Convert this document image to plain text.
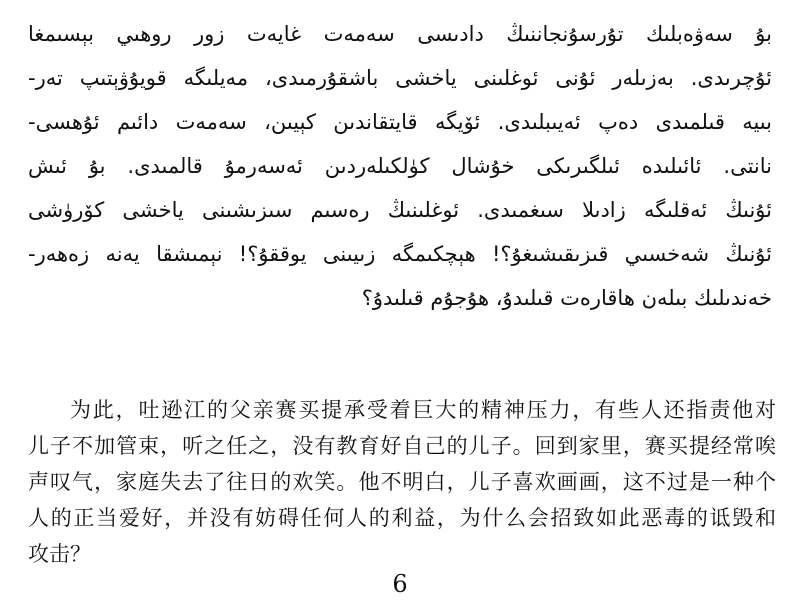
بۇ سەۋەبلىك تۇرسۇنجاننىڭ دادىسى سەمەت غايەت زور روھىي بېسىمغا
ئۇچرىدى. بەزىلەر ئۇنى ئوغلىنى ياخشى باشقۇرمىدى، مەيلىگە قويۇۋېتىپ تەر-
بىيە قىلمىدى دەپ ئەيىبلىدى. ئۆيگە قايتقاندىن كېيىن، سەمەت دائىم ئۇھسى-
نانتى. ئائىلىدە ئىلگىرىكى خۇشال كۈلكىلەردىن ئەسەرمۇ قالمىدى. بۇ ئىش
ئۇنىڭ ئەقلىگە زادىلا سىغمىدى. ئوغلىنىڭ رەسىم سىزىشىنى ياخشى كۆرۈشى
ئۇنىڭ شەخسىي قىزىقىشىغۇ؟! ھېچكىمگە زىيىنى يوققۇ؟! نېمىشقا يەنە زەھەر-
خەندىلىك بىلەن ھاقارەت قىلىدۇ، ھۇجۇم قىلىدۇ؟
为此，吐逊江的父亲赛买提承受着巨大的精神压力，有些人还指责他对
儿子不加管束，听之任之，没有教育好自己的儿子。回到家里，赛买提经常唉
声叹气，家庭失去了往日的欢笑。他不明白，儿子喜欢画画，这不过是一种个
人的正当爱好，并没有妨碍任何人的利益，为什么会招致如此恶毒的诋毁和
攻击？
6
